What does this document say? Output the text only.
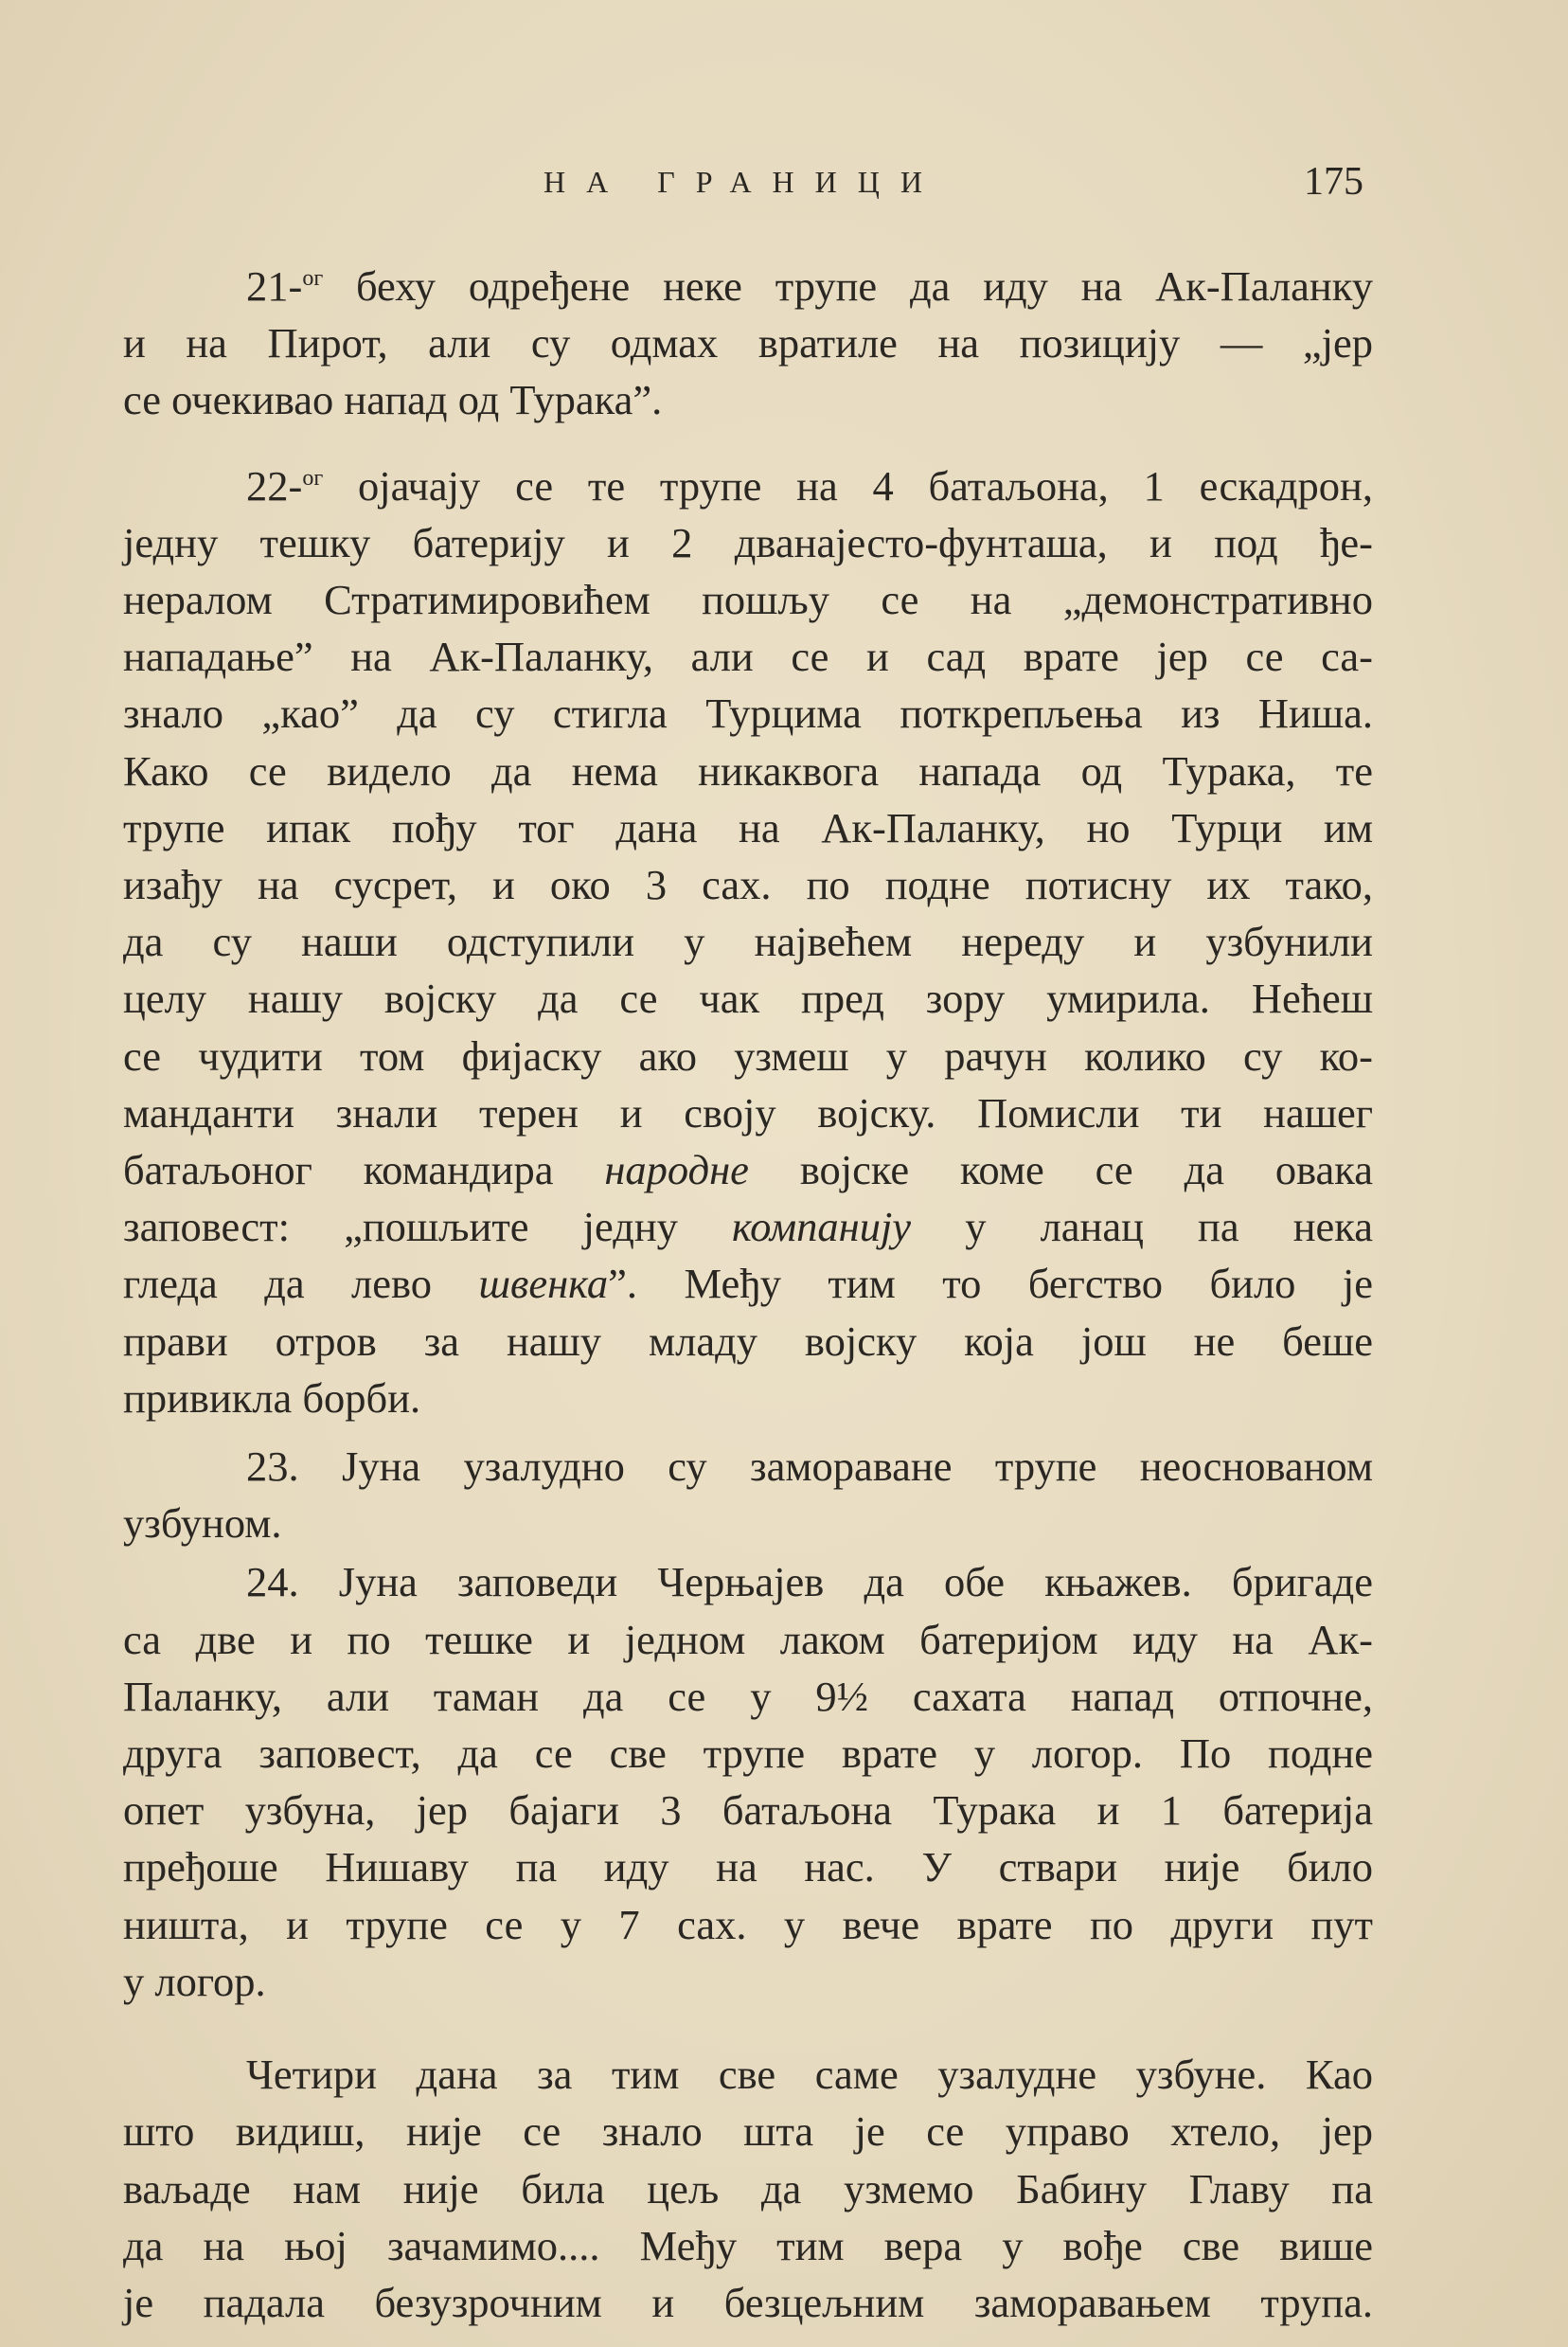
НА ГРАНИЦИ	175

21-$^{ог}$ беху одређене неке трупе да иду на Ак-Паланку
и на Пирот, али су одмах вратиле на позицију — „јер
се очекивао напад од Турака”.

22-$^{ог}$ ојачају се те трупе на 4 батаљона, 1 ескадрон,
једну тешку батерију и 2 дванајесто-фунташа, и под ђе-
нералом Стратимировићем пошљу се на „демонстративно
нападање” на Ак-Паланку, али се и сад врате јер се са-
знало „као” да су стигла Турцима поткрепљења из Ниша.
Како се видело да нема никаквога напада од Турака, те
трупе ипак пођу тог дана на Ак-Паланку, но Турци им
изађу на сусрет, и око 3 сах. по подне потисну их тако,
да су наши одступили у највећем нереду и узбунили
целу нашу војску да се чак пред зору умирила. Нећеш
се чудити том фијаску ако узмеш у рачун колико су ко-
манданти знали терен и своју војску. Помисли ти нашег
батаљоног командира народне војске коме се да овака
заповест: „пошљите једну компанију у ланац па нека
гледа да лево швенка”. Међу тим то бегство било је
прави отров за нашу младу војску која још не беше
привикла борби.

23. Јуна узалудно су замораване трупе неоснованом
узбуном.

24. Јуна заповеди Черњајев да обе књажев. бригаде
са две и по тешке и једном лаком батеријом иду на Ак-
Паланку, али таман да се у 9½ сахата напад отпочне,
друга заповест, да се све трупе врате у логор. По подне
опет узбуна, јер бајаги 3 батаљона Турака и 1 батерија
пређоше Нишаву па иду на нас. У ствари није било
ништа, и трупе се у 7 сах. у вече врате по други пут
у логор.

Четири дана за тим све саме узалудне узбуне. Као
што видиш, није се знало шта је се управо хтело, јер
ваљаде нам није била цељ да узмемо Бабину Главу па
да на њој зачамимо.... Међу тим вера у вође све више
је падала безузрочним и безцељним заморавањем трупа.
